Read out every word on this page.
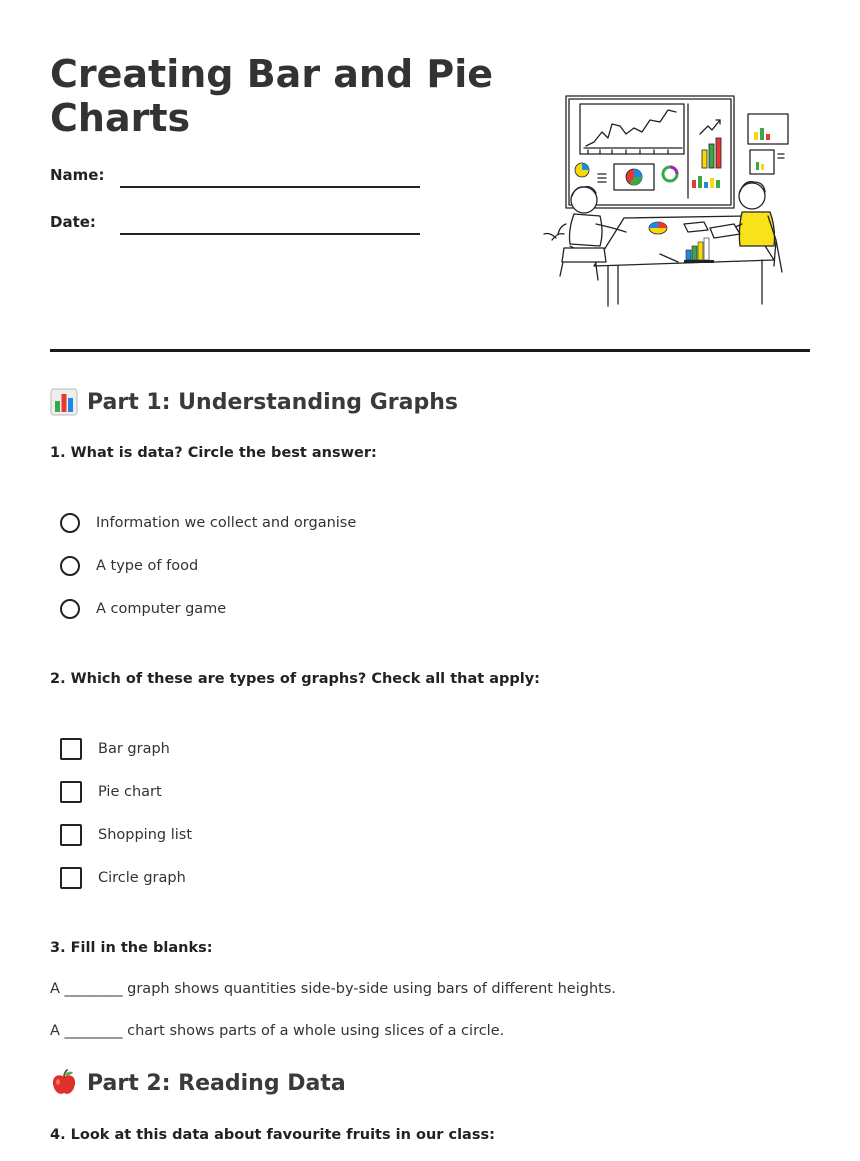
Creating Bar and Pie Charts
Name:
Date:
Part 1: Understanding Graphs

1. What is data? Circle the best answer:

Information we collect and organise
A type of food
A computer game

2. Which of these are types of graphs? Check all that apply:

Bar graph
Pie chart
Shopping list
Circle graph

3. Fill in the blanks:

A ________ graph shows quantities side-by-side using bars of different heights.

A ________ chart shows parts of a whole using slices of a circle.

Part 2: Reading Data

4. Look at this data about favourite fruits in our class:
